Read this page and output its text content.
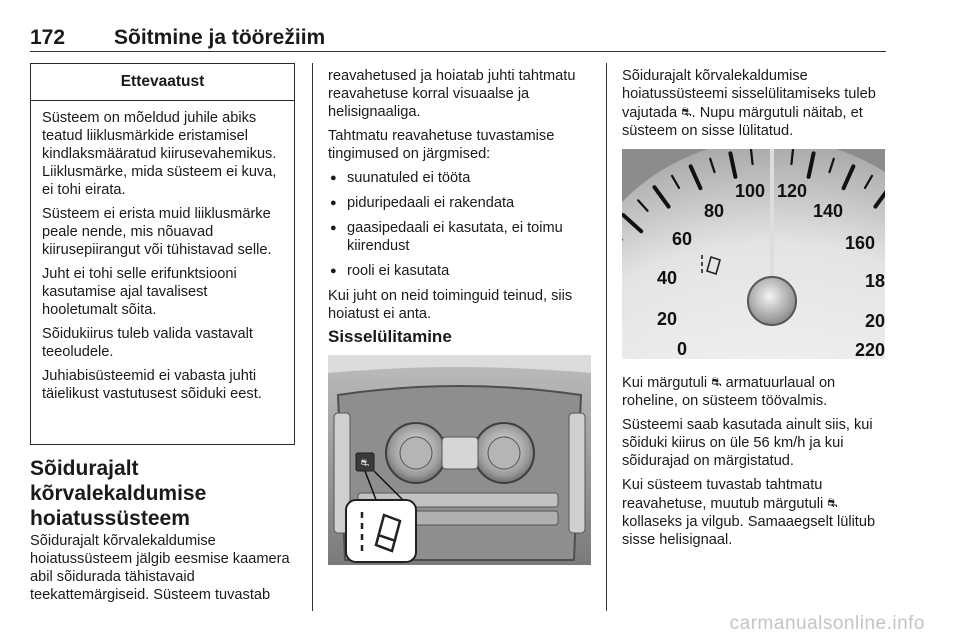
172 Sõitmine ja töörežiim
Ettevaatust

Süsteem on mõeldud juhile abiks teatud liiklusmärkide eristamisel kindlaksmääratud kiirusevahemikus. Liiklusmärke, mida süsteem ei kuva, ei tohi eirata.

Süsteem ei erista muid liiklusmärke peale nende, mis nõuavad kiirusepiirangut või tühistavad selle.

Juht ei tohi selle erifunktsiooni kasutamise ajal tavalisest hooletumalt sõita.

Sõidukiirus tuleb valida vastavalt teeoludele.

Juhiabisüsteemid ei vabasta juhti täielikust vastutusest sõiduki eest.

Sõidurajalt kõrvalekaldumise hoiatussüsteem

Sõidurajalt kõrvalekaldumise hoiatussüsteem jälgib eesmise kaamera abil sõidurada tähistavaid teekattemärgiseid. Süsteem tuvastab

reavahetused ja hoiatab juhti tahtmatu reavahetuse korral visuaalse ja helisignaaliga.

Tahtmatu reavahetuse tuvastamise tingimused on järgmised:

● suunatuled ei tööta
● piduripedaali ei rakendata
● gaasipedaali ei kasutata, ei toimu kiirendust
● rooli ei kasutata

Kui juht on neid toiminguid teinud, siis hoiatust ei anta.

Sisselülitamine
⛐

Sõidurajalt kõrvalekaldumise hoiatussüsteemi sisselülitamiseks tuleb vajutada ⛐. Nupu märgutuli näitab, et süsteem on sisse lülitatud.

0
20
40
60
80
100 120
140
160
18
20
220

Kui märgutuli ⛐ armatuurlaual on roheline, on süsteem töövalmis.

Süsteemi saab kasutada ainult siis, kui sõiduki kiirus on üle 56 km/h ja kui sõidurajad on märgistatud.

Kui süsteem tuvastab tahtmatu reavahetuse, muutub märgutuli ⛐ kollaseks ja vilgub. Samaaegselt lülitub sisse helisignaal.

carmanualsonline.info
